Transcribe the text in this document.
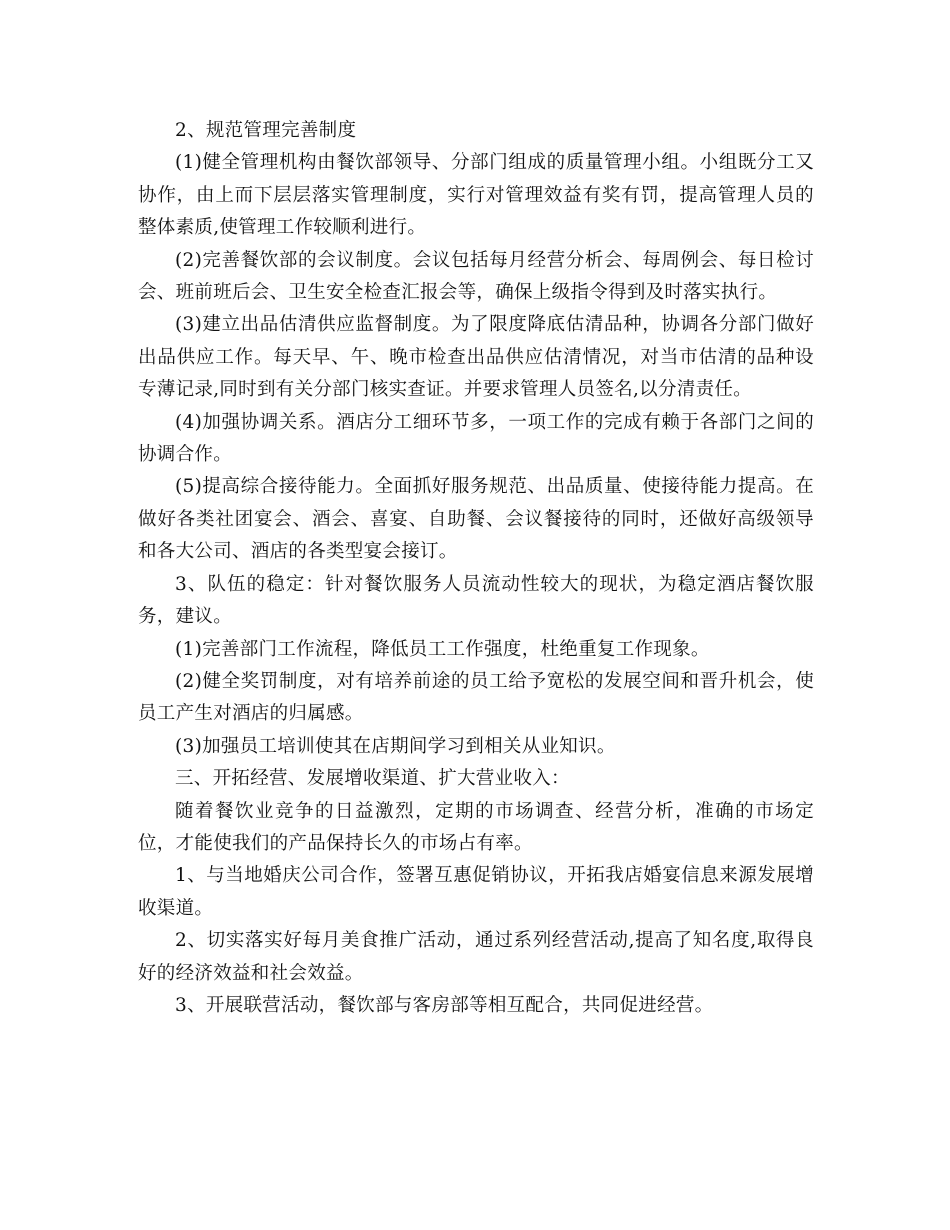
2、规范管理完善制度

(1)健全管理机构由餐饮部领导、分部门组成的质量管理小组。小组既分工又协作，由上而下层层落实管理制度，实行对管理效益有奖有罚，提高管理人员的整体素质,使管理工作较顺利进行。

(2)完善餐饮部的会议制度。会议包括每月经营分析会、每周例会、每日检讨会、班前班后会、卫生安全检查汇报会等，确保上级指令得到及时落实执行。

(3)建立出品估清供应监督制度。为了限度降底估清品种，协调各分部门做好出品供应工作。每天早、午、晚市检查出品供应估清情况，对当市估清的品种设专薄记录,同时到有关分部门核实查证。并要求管理人员签名,以分清责任。

(4)加强协调关系。酒店分工细环节多，一项工作的完成有赖于各部门之间的协调合作。

(5)提高综合接待能力。全面抓好服务规范、出品质量、使接待能力提高。在做好各类社团宴会、酒会、喜宴、自助餐、会议餐接待的同时，还做好高级领导和各大公司、酒店的各类型宴会接订。

3、队伍的稳定：针对餐饮服务人员流动性较大的现状，为稳定酒店餐饮服务，建议。

(1)完善部门工作流程，降低员工工作强度，杜绝重复工作现象。

(2)健全奖罚制度，对有培养前途的员工给予宽松的发展空间和晋升机会，使员工产生对酒店的归属感。

(3)加强员工培训使其在店期间学习到相关从业知识。

三、开拓经营、发展增收渠道、扩大营业收入：

随着餐饮业竞争的日益激烈，定期的市场调查、经营分析，准确的市场定位，才能使我们的产品保持长久的市场占有率。

1、与当地婚庆公司合作，签署互惠促销协议，开拓我店婚宴信息来源发展增收渠道。

2、切实落实好每月美食推广活动，通过系列经营活动,提高了知名度,取得良好的经济效益和社会效益。

3、开展联营活动，餐饮部与客房部等相互配合，共同促进经营。
